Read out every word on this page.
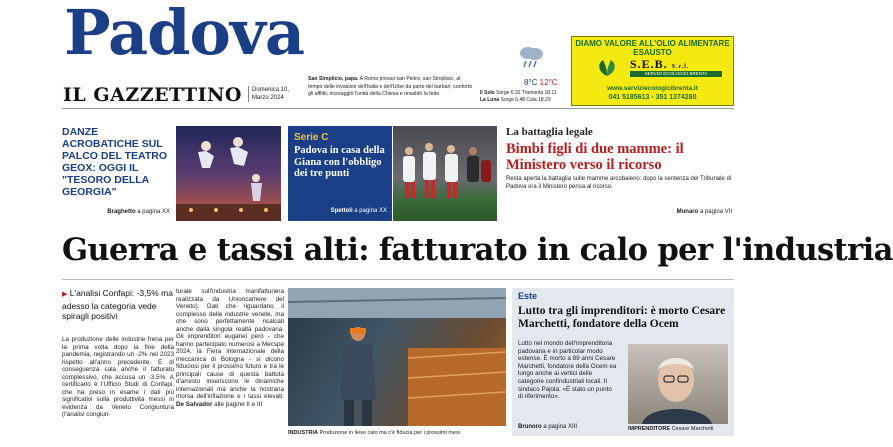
Padova
IL GAZZETTINO	Domenica 10, Marzo 2024
San Simplicio, papa. A Roma presso san Pietro, san Simplicio, al tempo delle invasioni dell'Italia e dell'Urbe da parte dei barbari, confortò gli afflitti, incoraggiò l'unità della Chiesa e rinsaldò la fede.
8°C 12°C
Il Sole Sorge 6.32 Tramonta 18.11
La Luna Sorge 6.48 Cala 18.29
DIAMO VALORE ALL'OLIO ALIMENTARE ESAUSTO
S.E.B. S.r.l.
SERVIZI ECOLOGICI BRENTA
www.serviziecologicibrenta.it
041 5185613 - 351 1374280
DANZE ACROBATICHE SUL PALCO DEL TEATRO GEOX: OGGI IL "TESORO DELLA GEORGIA"
Braghetto a pagina XX
Serie C
Padova in casa della Giana con l'obbligo dei tre punti
Spettoli a pagina XX
La battaglia legale
Bimbi figli di due mamme: il Ministero verso il ricorso
Resta aperta la battaglia sulle mamme arcobaleno: dopo la sentenza del Tribunale di Padova ora il Ministero pensa al ricorso.
Munaro a pagina VII
Guerra e tassi alti: fatturato in calo per l'industria
▶ L'analisi Confapi: -3,5% ma adesso la categoria vede spiragli positivi
La produzione delle industrie frena per la prima volta dopo la fine della pandemia, registrando un -2% nel 2023 rispetto all'anno precedente. E di conseguenza cala anche il fatturato complessivo, che accusa un -3,5%. A certificarlo è l'Ufficio Studi di Confapi, che ha preso in esame i dati più significativi sulla produttività messi in evidenza da Veneto Congiuntura (l'analisi congiun-
turale sull'industria manifatturiera realizzata da Unioncamere del Veneto). Dati che riguardano il complesso delle industrie venete, ma che sono perfettamente ricalcati anche dalla singola realtà padovana. Gli imprenditori euganei però - che hanno partecipato numerosi a Mecspe 2024, la Fiera internazionale della meccanica di Bologna - si dicono fiduciosi per il prossimo futuro e tra le principali cause di questa battuta d'arresto inseriscono le dinamiche internazionali ma anche la nostrana morsa dell'inflazione e i tassi elevati. De Salvador alle pagine II e III
INDUSTRIA Produzione in lieve calo ma c'è fiducia per i prossimi mesi
Este
Lutto tra gli imprenditori: è morto Cesare Marchetti, fondatore della Ocem
Lutto nel mondo dell'imprenditoria padovana e in particolar modo estense. È morto a 89 anni Cesare Marchetti, fondatore della Ocem ea lungo anche ai vertici delle categorie confindustriali locali. Il sindaco Pajola: «È stato un punto di riferimento».
Brunoro a pagina XIII	IMPRENDITORE Cesare Marchetti
